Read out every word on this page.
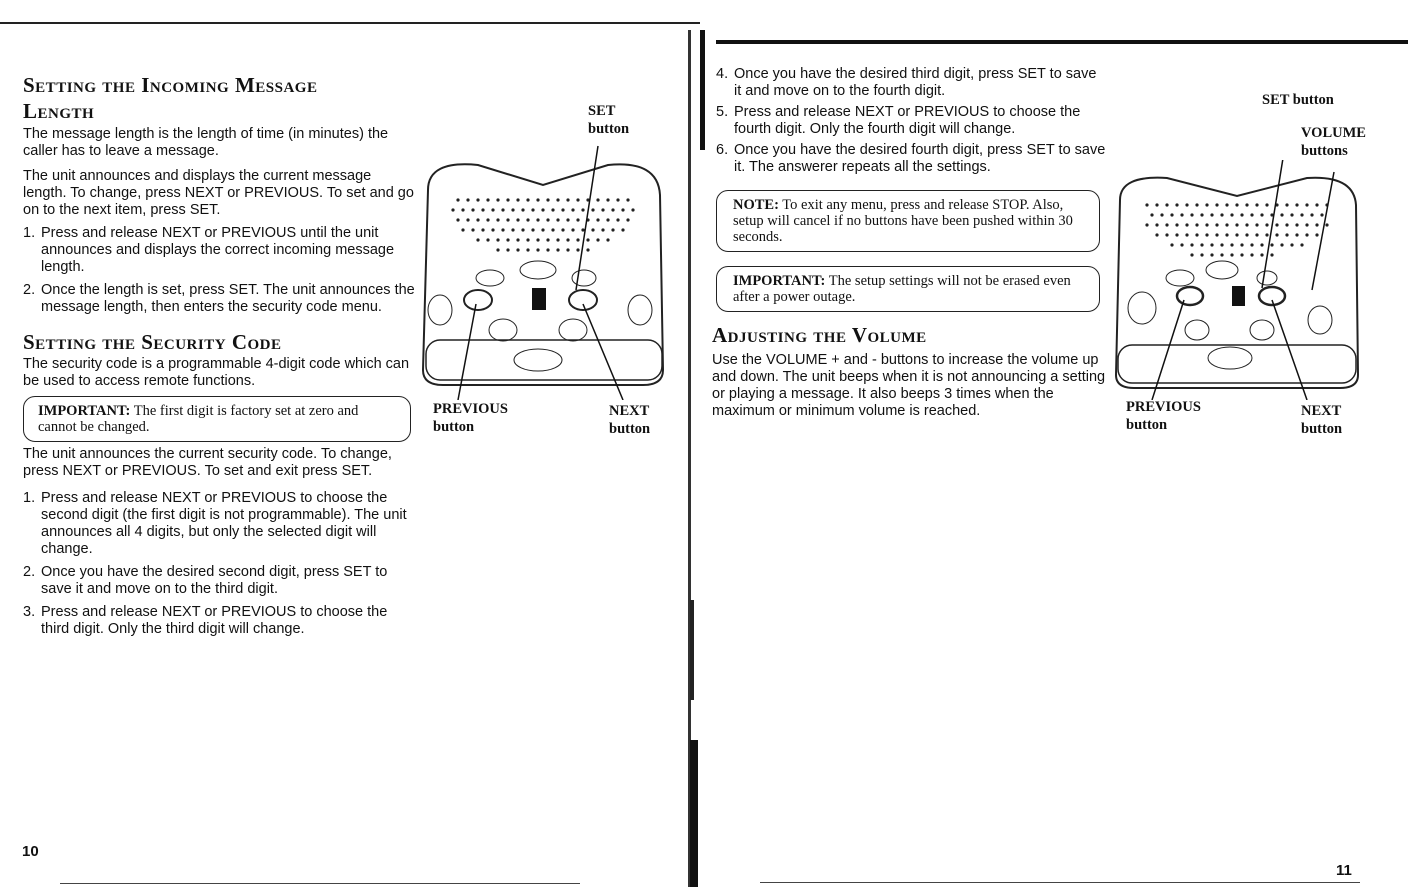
Setting the Incoming Message
Length

The message length is the length of time (in minutes) the caller has to leave a message.

The unit announces and displays the current message length. To change, press NEXT or PREVIOUS. To set and go on to the next item, press SET.

1. Press and release NEXT or PREVIOUS until the unit announces and displays the correct incoming message length.
2. Once the length is set, press SET. The unit announces the message length, then enters the security code menu.
Setting the Security Code

The security code is a programmable 4-digit code which can be used to access remote functions.

IMPORTANT: The first digit is factory set at zero and cannot be changed.

The unit announces the current security code. To change, press NEXT or PREVIOUS. To set and exit press SET.

1. Press and release NEXT or PREVIOUS to choose the second digit (the first digit is not programmable). The unit announces all 4 digits, but only the selected digit will change.
2. Once you have the desired second digit, press SET to save it and move on to the third digit.
3. Press and release NEXT or PREVIOUS to choose the third digit. Only the third digit will change.
10
SET
button
PREVIOUS
button
NEXT
button
4. Once you have the desired third digit, press SET to save it and move on to the fourth digit.
5. Press and release NEXT or PREVIOUS to choose the fourth digit. Only the fourth digit will change.
6. Once you have the desired fourth digit, press SET to save it. The answerer repeats all the settings.
NOTE: To exit any menu, press and release STOP. Also, setup will cancel if no buttons have been pushed within 30 seconds.
IMPORTANT: The setup settings will not be erased even after a power outage.
Adjusting the Volume

Use the VOLUME + and - buttons to increase the volume up and down. The unit beeps when it is not announcing a setting or playing a message. It also beeps 3 times when the maximum or minimum volume is reached.

11
SET button
VOLUME
buttons
PREVIOUS
button
NEXT
button
